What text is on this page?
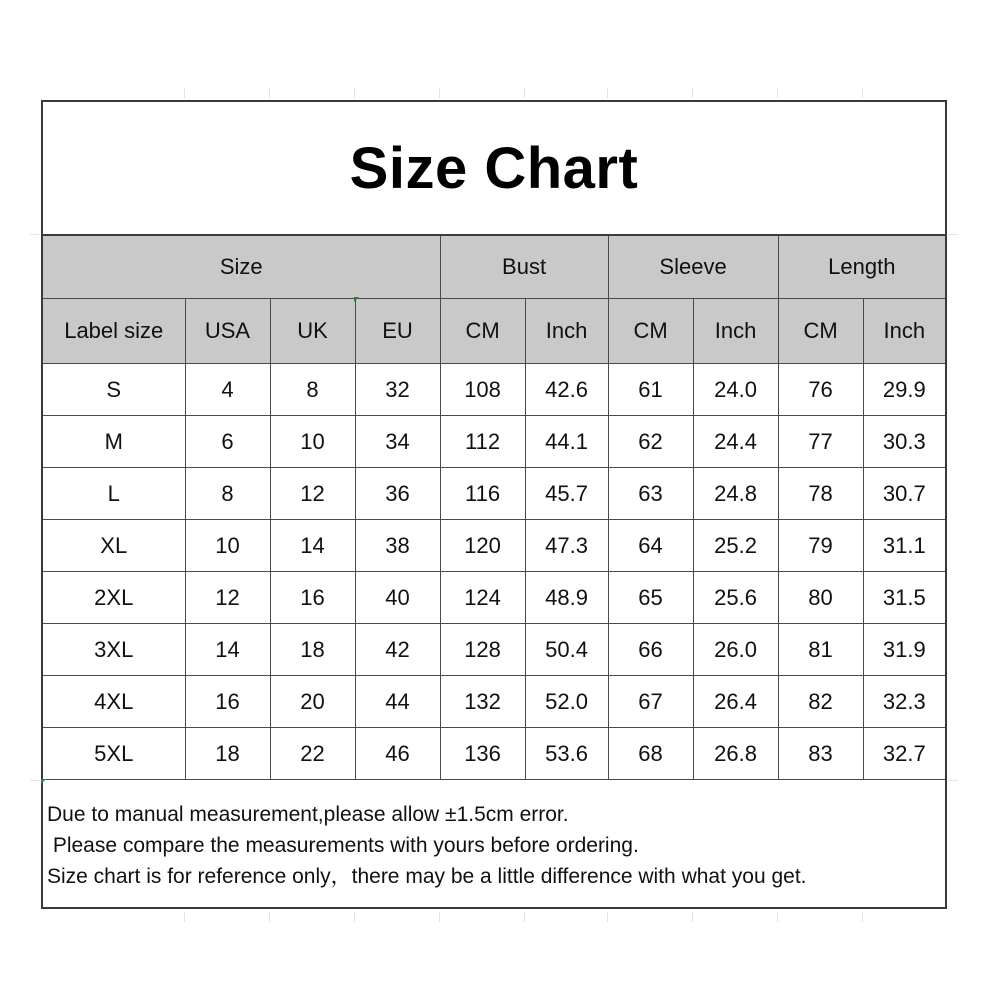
Size Chart
Size				Bust		Sleeve		Length	
Label size	USA	UK	EU	CM	Inch	CM	Inch	CM	Inch
S	4	8	32	108	42.6	61	24.0	76	29.9
M	6	10	34	112	44.1	62	24.4	77	30.3
L	8	12	36	116	45.7	63	24.8	78	30.7
XL	10	14	38	120	47.3	64	25.2	79	31.1
2XL	12	16	40	124	48.9	65	25.6	80	31.5
3XL	14	18	42	128	50.4	66	26.0	81	31.9
4XL	16	20	44	132	52.0	67	26.4	82	32.3
5XL	18	22	46	136	53.6	68	26.8	83	32.7
Due to manual measurement,please allow ±1.5cm error.
Please compare the measurements with yours before ordering.
Size chart is for reference only，there may be a little difference with what you get.
